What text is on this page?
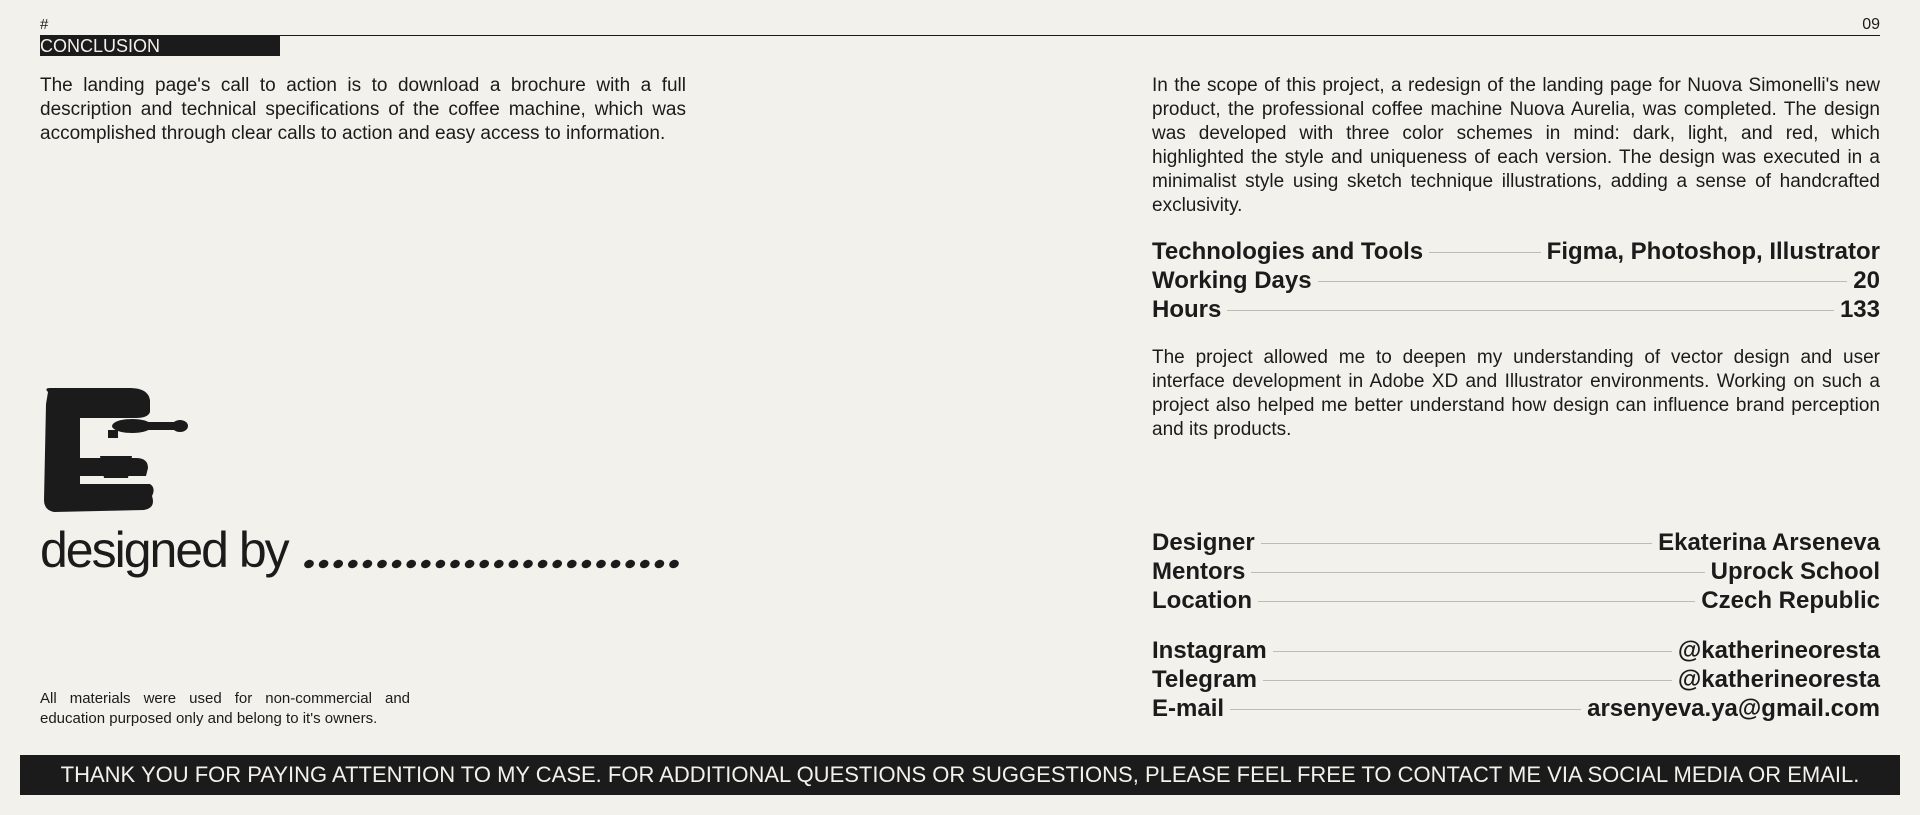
#	09
CONCLUSION

The landing page's call to action is to download a brochure with a full description and technical specifications of the coffee machine, which was accomplished through clear calls to action and easy access to information.

In the scope of this project, a redesign of the landing page for Nuova Simonelli's new product, the professional coffee machine Nuova Aurelia, was completed. The design was developed with three color schemes in mind: dark, light, and red, which highlighted the style and uniqueness of each version. The design was executed in a minimalist style using sketch technique illustrations, adding a sense of handcrafted exclusivity.

Technologies and Tools	Figma, Photoshop, Illustrator
Working Days	20
Hours	133

The project allowed me to deepen my understanding of vector design and user interface development in Adobe XD and Illustrator environments. Working on such a project also helped me better understand how design can influence brand perception and its products.

Designer	Ekaterina Arseneva
Mentors	Uprock School
Location	Czech Republic
Instagram	@katherineoresta
Telegram	@katherineoresta
E-mail	arsenyeva.ya@gmail.com
designed by

All materials were used for non-commercial and education purposed only and belong to it's owners.

THANK YOU FOR PAYING ATTENTION TO MY CASE. FOR ADDITIONAL QUESTIONS OR SUGGESTIONS, PLEASE FEEL FREE TO CONTACT ME VIA SOCIAL MEDIA OR EMAIL.
